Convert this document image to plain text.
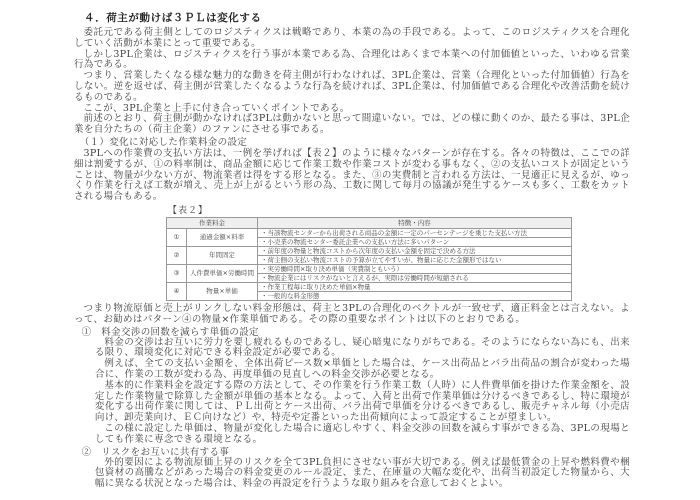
４．荷主が動けば３ＰＬは変化する

委託元である荷主側としてのロジスティクスは戦略であり、本業の為の手段である。よって、このロジスティクスを合理化していく活動が本業にとって重要である。

しかし3PL企業は、ロジスティクスを行う事が本業である為、合理化はあくまで本業への付加価値といった、いわゆる営業行為である。

つまり、営業したくなる様な魅力的な動きを荷主側が行わなければ、3PL企業は、営業（合理化といった付加価値）行為をしない。逆を返せば、荷主側が営業したくなるような行為を続ければ、3PL企業は、付加価値である合理化や改善活動を続けるものである。

ここが、3PL企業と上手に付き合っていくポイントである。

前述のとおり、荷主側が動かなければ3PLは動かないと思って間違いない。では、どの様に動くのか、最たる事は、3PL企業を自分たちの（荷主企業）のファンにさせる事である。

（１）変化に対応した作業料金の設定

3PLへの作業費の支払い方法は、一例を挙げれば【表２】のように様々なパターンが存在する。各々の特徴は、ここでの詳細は割愛するが、①の料率制は、商品金額に応じて作業工数や作業コストが変わる事もなく、②の支払いコストが固定ということは、物量が少ない方が、物流業者は得をする形となる。また、③の実費制と言われる方法は、一見適正に見えるが、ゆっくり作業を行えば工数が増え、売上が上がるという形の為、工数に関して毎月の協議が発生するケースも多く、工数をカットされる場合もある。

【表２】
作業料金		特徴・内容
①	通過金額×料率	・当該物流センターから出荷される商品の金額に一定のパーセンテージを乗じた支払い方法
		・小売業の物流センター委託企業への支払い方法に多いパターン
②	年間固定	・前年度の物量と物流コストから次年度の支払い金額を固定で決める方法
		・荷主側の支払い物流コストの予算が立てやすいが、物量に応じた金額形ではない
③	人件費単価×労働時間	・実労働時間×取り決め単価（実費制ともいう）
		・物流企業にはリスクがないと言えるが、実際は労働時間が短縮される
④	物量×単価	・作業工程毎に取り決めた単価×物量
		・一般的な料金形態

つまり物流原価と売上がリンクしない料金形態は、荷主と3PLの合理化のベクトルが一致せず、適正料金とは言えない。よって、お勧めはパターン④の物量×作業単価である。その際の重要なポイントは以下のとおりである。

①　料金交渉の回数を減らす単価の設定

料金の交渉はお互いに労力を要し疲れるものであるし、疑心暗鬼になりがちである。そのようにならない為にも、出来る限り、環境変化に対応できる料金設定が必要である。

例えば、全ての支払い金額を、全体出荷ピース数×単価とした場合は、ケース出荷品とバラ出荷品の割合が変わった場合に、作業の工数が変わる為、再度単価の見直しへの料金交渉が必要となる。

基本的に作業料金を設定する際の方法として、その作業を行う作業工数（人時）に人件費単価を掛けた作業金額を、設定した作業物量で除算した金額が単価の基本となる。よって、入荷と出荷で作業単価は分けるべきであるし、特に環境が変化する出荷作業に関しては、ＰＬ出荷とケース出荷、バラ出荷で単価を分けるべきであるし、販売チャネル毎（小売店向け、卸売業向け、ＥＣ向けなど）や、特売や定番といった出荷傾向によって設定することが望ましい。

この様に設定した単価は、物量が変化した場合に適応しやすく、料金交渉の回数を減らす事ができる為、3PLの現場としても作業に専念できる環境となる。

②　リスクをお互いに共有する事

外的要因による物流原価上昇のリスクを全て3PL負担にさせない事が大切である。例えば最低賃金の上昇や燃料費や梱包資材の高騰などがあった場合の料金変更のルール設定、また、在庫量の大幅な変化や、出荷当初設定した物量から、大幅に異なる状況となった場合は、料金の再設定を行うような取り組みを合意しておくとよい。
